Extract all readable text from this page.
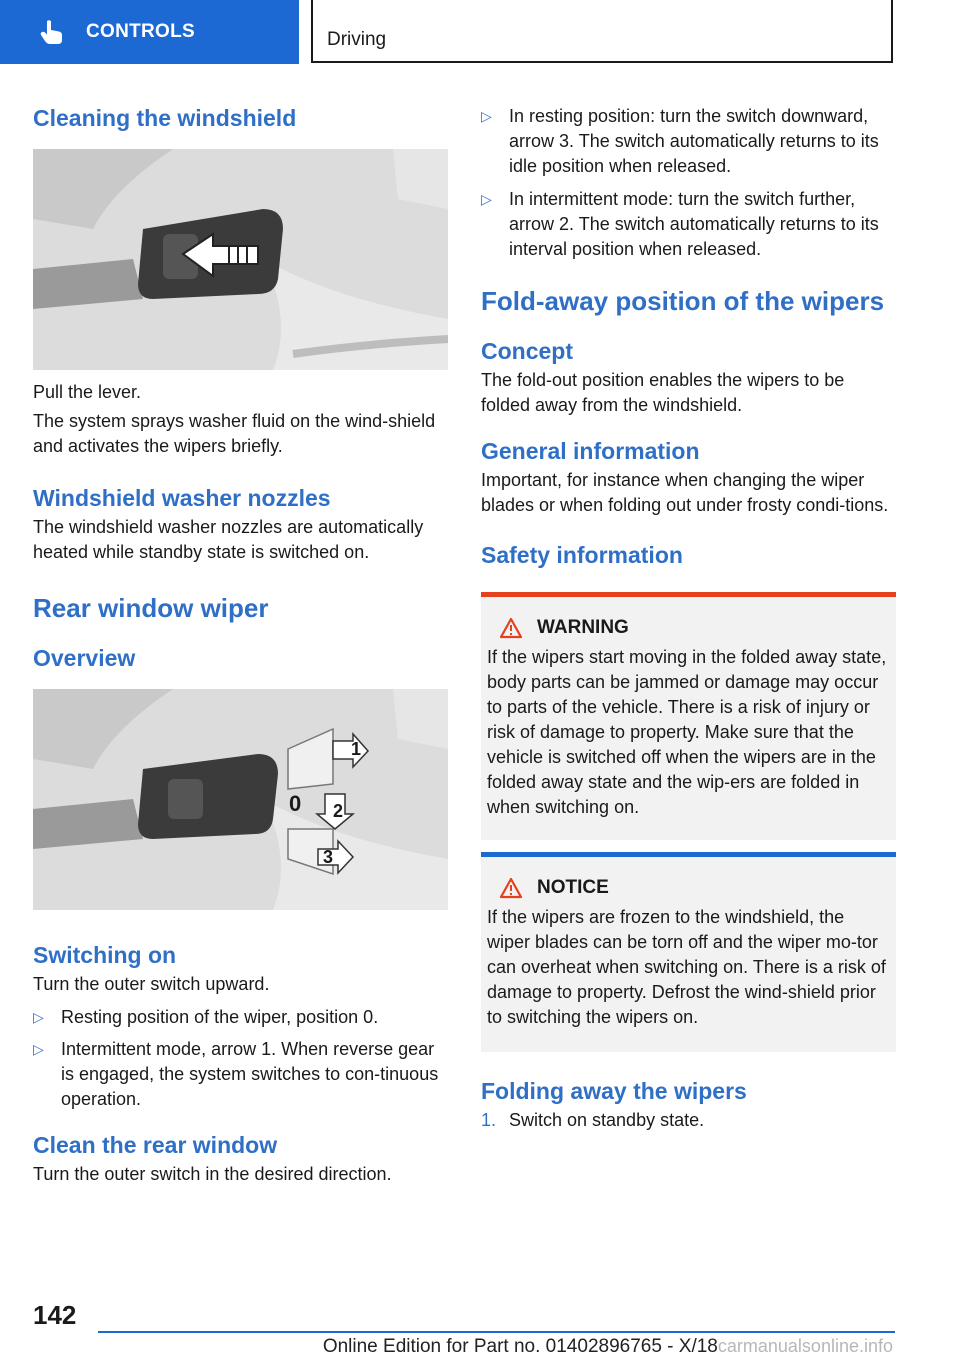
CONTROLS	Driving
Cleaning the windshield

Pull the lever.

The system sprays washer fluid on the wind‐shield and activates the wipers briefly.

Windshield washer nozzles

The windshield washer nozzles are automatically heated while standby state is switched on.

Rear window wiper
Overview
1
0 2
3
Switching on

Turn the outer switch upward.

▷ Resting position of the wiper, position 0.
▷ Intermittent mode, arrow 1. When reverse gear is engaged, the system switches to con‐tinuous operation.
Clean the rear window

Turn the outer switch in the desired direction.

▷ In resting position: turn the switch downward, arrow 3. The switch automatically returns to its idle position when released.
▷ In intermittent mode: turn the switch further, arrow 2. The switch automatically returns to its interval position when released.
Fold-away position of the wipers
Concept

The fold-out position enables the wipers to be folded away from the windshield.

General information

Important, for instance when changing the wiper blades or when folding out under frosty condi‐tions.

Safety information
WARNING

If the wipers start moving in the folded away state, body parts can be jammed or damage may occur to parts of the vehicle. There is a risk of injury or risk of damage to property. Make sure that the vehicle is switched off when the wipers are in the folded away state and the wip‐ers are folded in when switching on.

NOTICE

If the wipers are frozen to the windshield, the wiper blades can be torn off and the wiper mo‐tor can overheat when switching on. There is a risk of damage to property. Defrost the wind‐shield prior to switching the wipers on.

Folding away the wipers
1. Switch on standby state.
142
Online Edition for Part no. 01402896765 - X/18carmanualsonline.info
